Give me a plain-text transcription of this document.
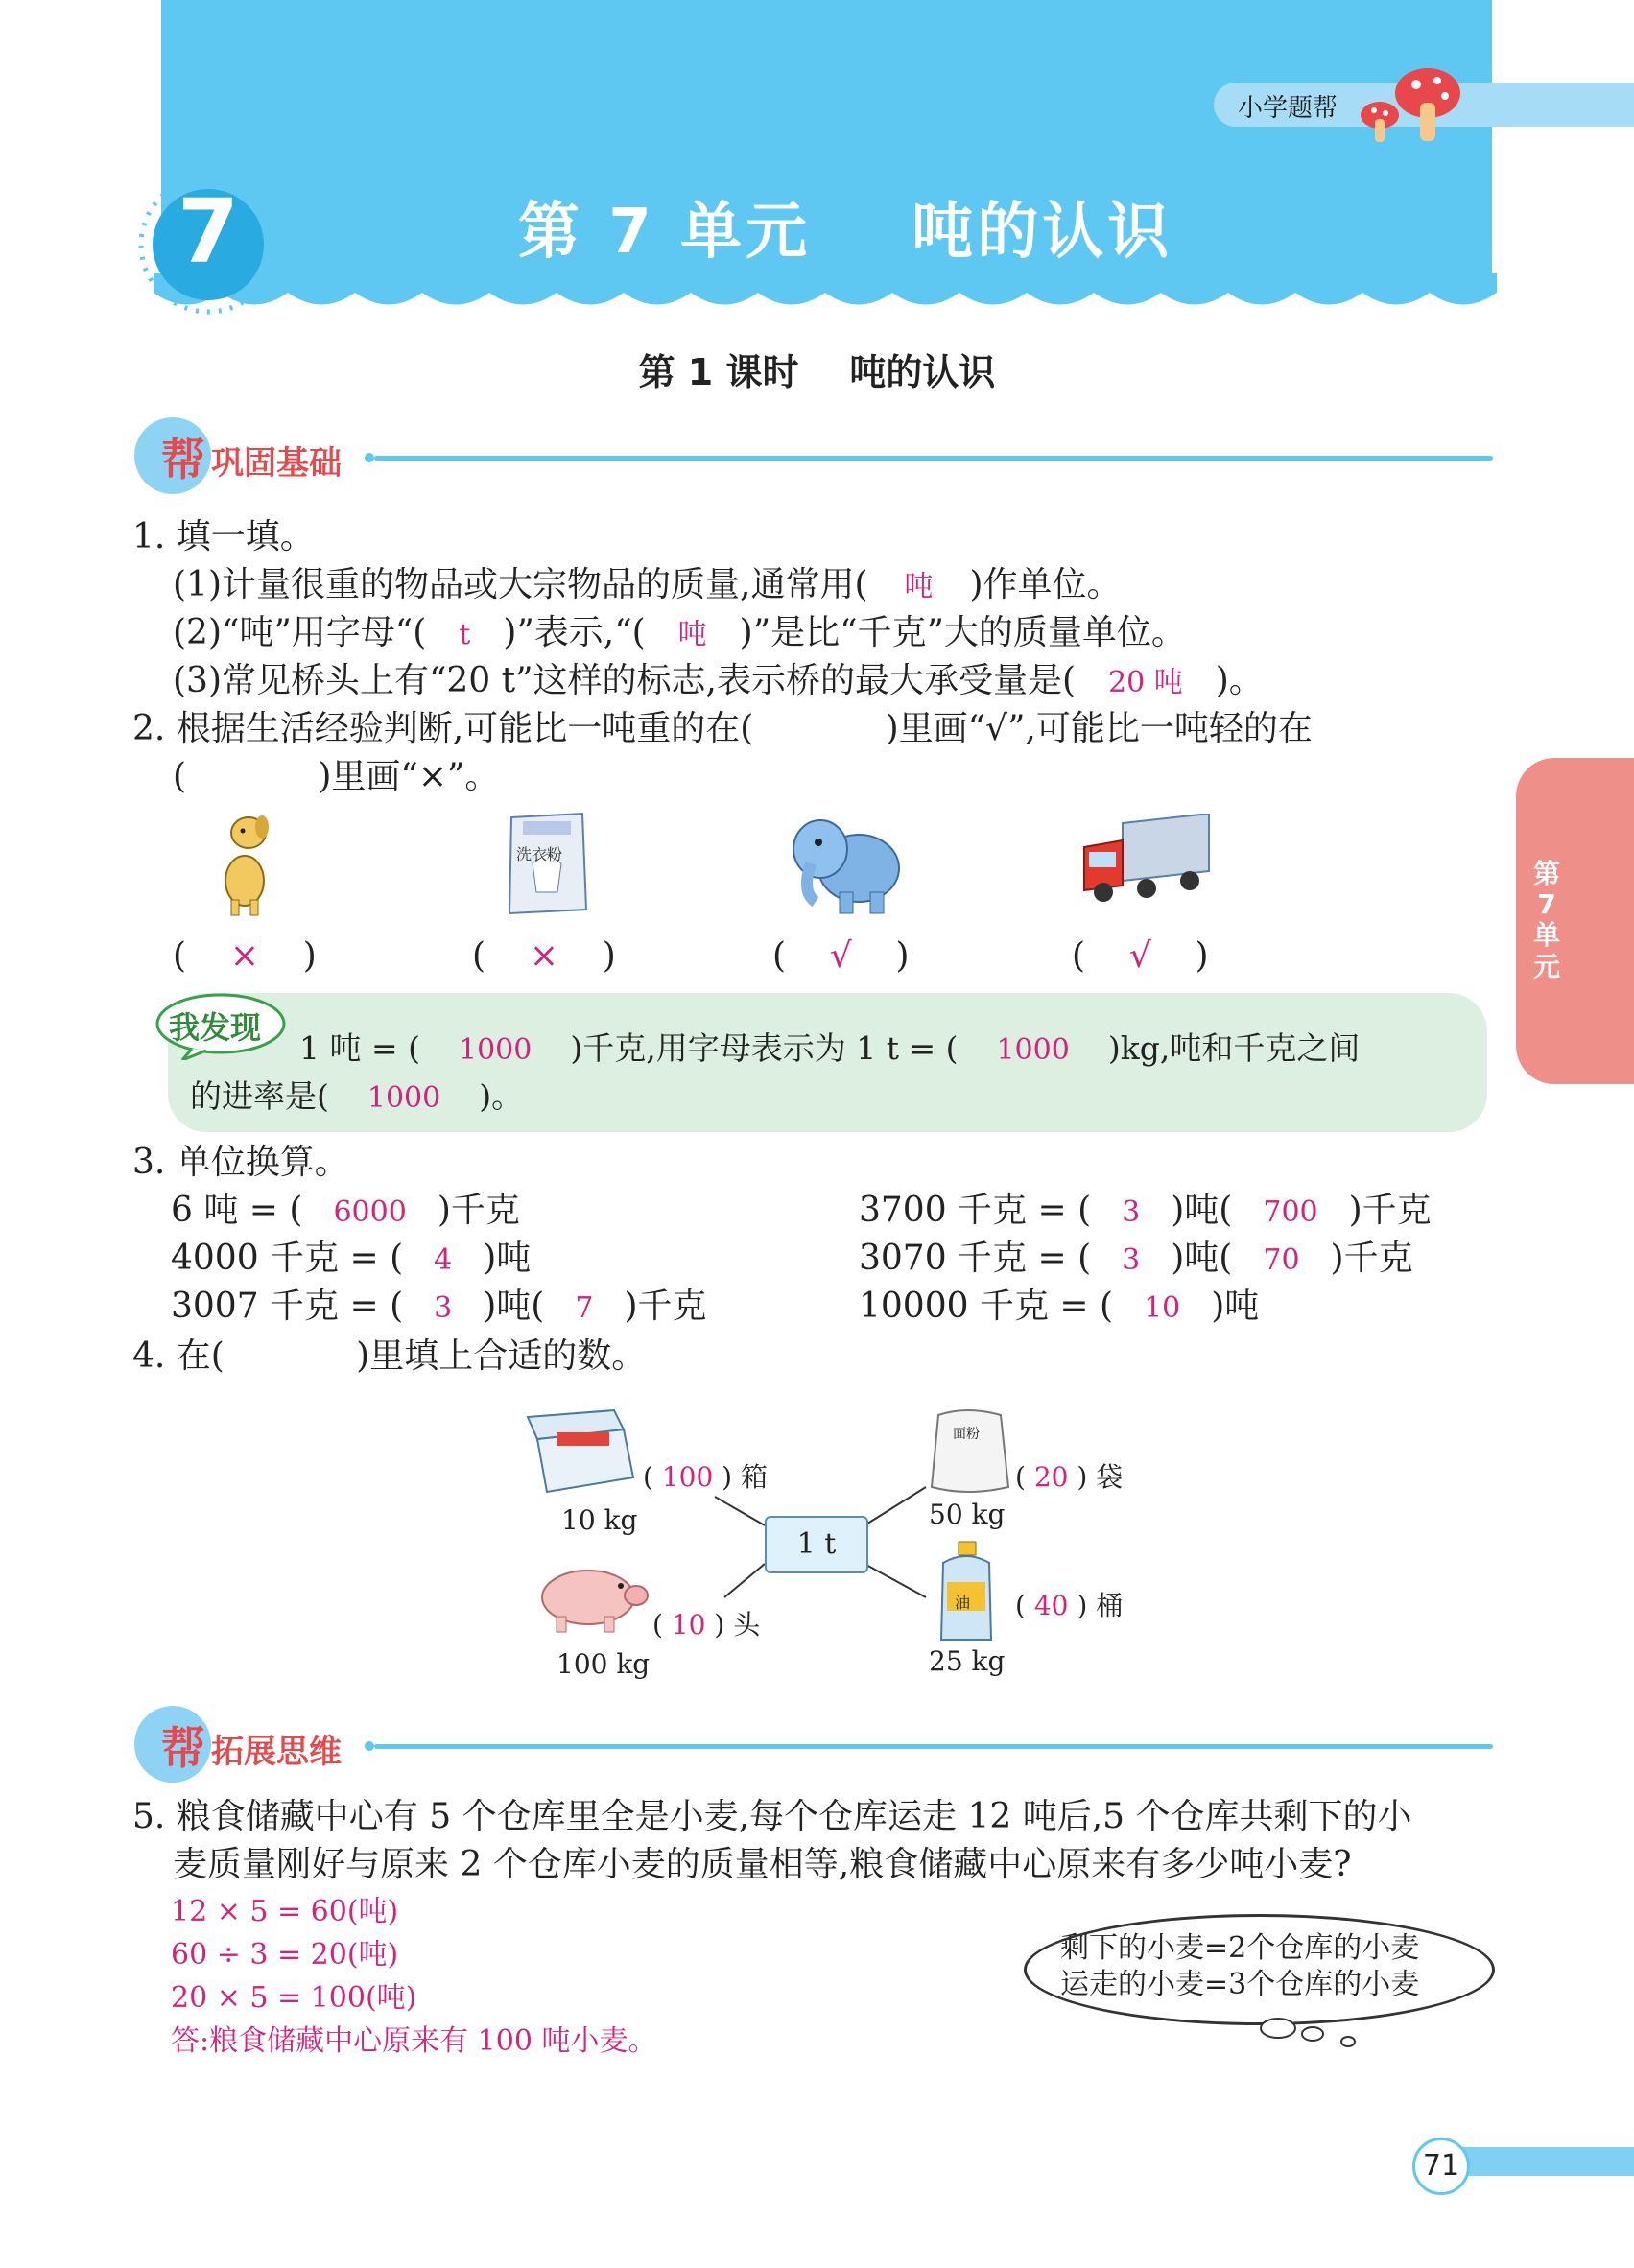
小学题帮
7	第 7 单元    吨的认识
第 1 课时    吨的认识
第
7
单
元
帮 巩固基础
1. 填一填。
(1)计量很重的物品或大宗物品的质量,通常用( 吨 )作单位。
(2)“吨”用字母“( t )”表示,“( 吨 )”是比“千克”大的质量单位。
(3)常见桥头上有“20 t”这样的标志,表示桥的最大承受量是( 20 吨 )。
2. 根据生活经验判断,可能比一吨重的在(            )里画“√”,可能比一吨轻的在
(            )里画“×”。
洗衣粉
(    ×    )	(    ×    )	(    √    )	(    √    )
我发现
1 吨 = ( 1000 )千克,用字母表示为 1 t = ( 1000 )kg,吨和千克之间
的进率是( 1000 )。
3. 单位换算。
6 吨 = ( 6000 )千克
4000 千克 = ( 4 )吨
3007 千克 = ( 3 )吨( 7 )千克
3700 千克 = ( 3 )吨( 700 )千克
3070 千克 = ( 3 )吨( 70 )千克
10000 千克 = ( 10 )吨
4. 在(            )里填上合适的数。
1 t
10 kg
( 100 ) 箱
面粉
50 kg
( 20 ) 袋
100 kg
( 10 ) 头
油
25 kg
( 40 ) 桶
帮 拓展思维
5. 粮食储藏中心有 5 个仓库里全是小麦,每个仓库运走 12 吨后,5 个仓库共剩下的小
麦质量刚好与原来 2 个仓库小麦的质量相等,粮食储藏中心原来有多少吨小麦?
12 × 5 = 60(吨)
60 ÷ 3 = 20(吨)
20 × 5 = 100(吨)
答:粮食储藏中心原来有 100 吨小麦。
剩下的小麦=2个仓库的小麦
运走的小麦=3个仓库的小麦
71
